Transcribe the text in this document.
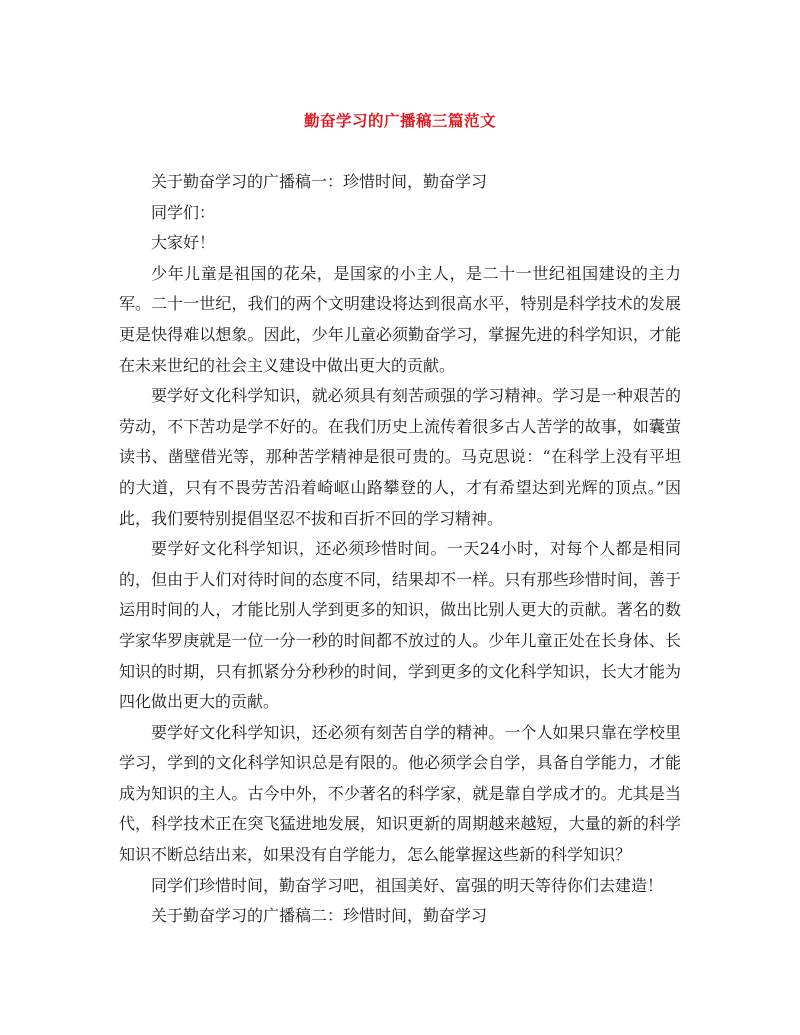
勤奋学习的广播稿三篇范文

关于勤奋学习的广播稿一：珍惜时间，勤奋学习

同学们：

大家好！

少年儿童是祖国的花朵，是国家的小主人，是二十一世纪祖国建设的主力军。二十一世纪，我们的两个文明建设将达到很高水平，特别是科学技术的发展更是快得难以想象。因此，少年儿童必须勤奋学习，掌握先进的科学知识，才能在未来世纪的社会主义建设中做出更大的贡献。

要学好文化科学知识，就必须具有刻苦顽强的学习精神。学习是一种艰苦的劳动，不下苦功是学不好的。在我们历史上流传着很多古人苦学的故事，如囊萤读书、凿壁借光等，那种苦学精神是很可贵的。马克思说：“在科学上没有平坦的大道，只有不畏劳苦沿着崎岖山路攀登的人，才有希望达到光辉的顶点。”因此，我们要特别提倡坚忍不拔和百折不回的学习精神。

要学好文化科学知识，还必须珍惜时间。一天24小时，对每个人都是相同的，但由于人们对待时间的态度不同，结果却不一样。只有那些珍惜时间，善于运用时间的人，才能比别人学到更多的知识，做出比别人更大的贡献。著名的数学家华罗庚就是一位一分一秒的时间都不放过的人。少年儿童正处在长身体、长知识的时期，只有抓紧分分秒秒的时间，学到更多的文化科学知识，长大才能为四化做出更大的贡献。

要学好文化科学知识，还必须有刻苦自学的精神。一个人如果只靠在学校里学习，学到的文化科学知识总是有限的。他必须学会自学，具备自学能力，才能成为知识的主人。古今中外，不少著名的科学家，就是靠自学成才的。尤其是当代，科学技术正在突飞猛进地发展，知识更新的周期越来越短，大量的新的科学知识不断总结出来，如果没有自学能力，怎么能掌握这些新的科学知识？

同学们珍惜时间，勤奋学习吧，祖国美好、富强的明天等待你们去建造！

关于勤奋学习的广播稿二：珍惜时间，勤奋学习
